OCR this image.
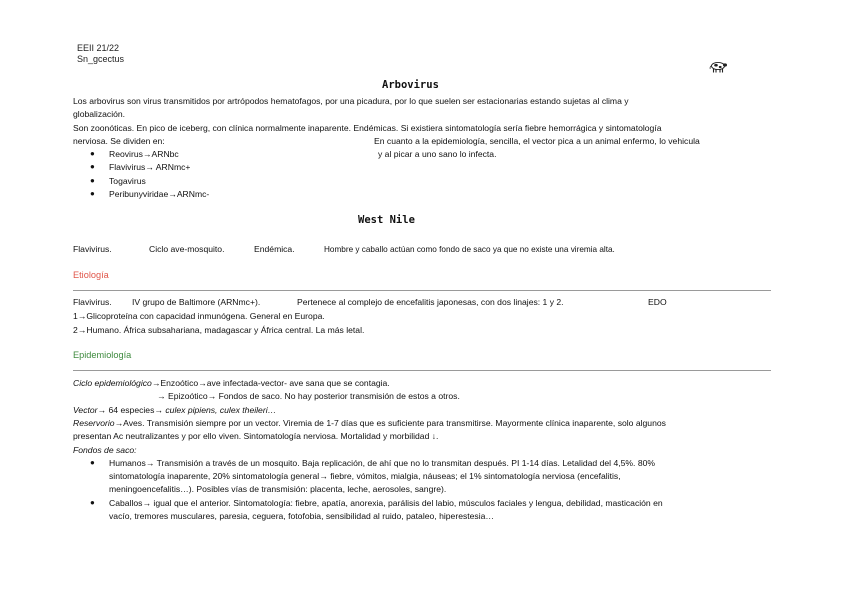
EEII 21/22
Sn_gcectus
Arbovirus
Los arbovirus son virus transmitidos por artrópodos hematofagos, por una picadura, por lo que suelen ser estacionarias estando sujetas al clima y
globalización.
Son zoonóticas. En pico de iceberg, con clínica normalmente inaparente. Endémicas. Si existiera sintomatología sería fiebre hemorrágica y sintomatología
nerviosa. Se dividen en:	En cuanto a la epidemiología, sencilla, el vector pica a un animal enfermo, lo vehicula
y al picar a uno sano lo infecta.
● Reovirus→ARNbc
● Flavivirus→ ARNmc+
● Togavirus
● Peribunyviridae→ARNmc-
West Nile
Flavivirus.	Ciclo ave-mosquito.	Endémica.	Hombre y caballo actúan como fondo de saco ya que no existe una viremia alta.
Etiología
Flavivirus. IV grupo de Baltimore (ARNmc+).	Pertenece al complejo de encefalitis japonesas, con dos linajes: 1 y 2.	EDO
1→Glicoproteína con capacidad inmunógena. General en Europa.
2→Humano. África subsahariana, madagascar y África central. La más letal.
Epidemiología
Ciclo epidemiológico→Enzoótico→ave infectada-vector- ave sana que se contagia.
→ Epizoótico→ Fondos de saco. No hay posterior transmisión de estos a otros.
Vector→ 64 especies→ culex pipiens, culex theileri…
Reservorio→Aves. Transmisión siempre por un vector. Viremia de 1-7 días que es suficiente para transmitirse. Mayormente clínica inaparente, solo algunos
presentan Ac neutralizantes y por ello viven. Sintomatología nerviosa. Mortalidad y morbilidad ↓.
Fondos de saco:
● Humanos→ Transmisión a través de un mosquito. Baja replicación, de ahí que no lo transmitan después. PI 1-14 días. Letalidad del 4,5%. 80%
sintomatología inaparente, 20% sintomatología general→ fiebre, vómitos, mialgia, náuseas; el 1% sintomatología nerviosa (encefalitis,
meningoencefalitis…). Posibles vías de transmisión: placenta, leche, aerosoles, sangre).
● Caballos→ igual que el anterior. Sintomatología: fiebre, apatía, anorexia, parálisis del labio, músculos faciales y lengua, debilidad, masticación en
vacío, tremores musculares, paresia, ceguera, fotofobia, sensibilidad al ruido, pataleo, hiperestesia…
